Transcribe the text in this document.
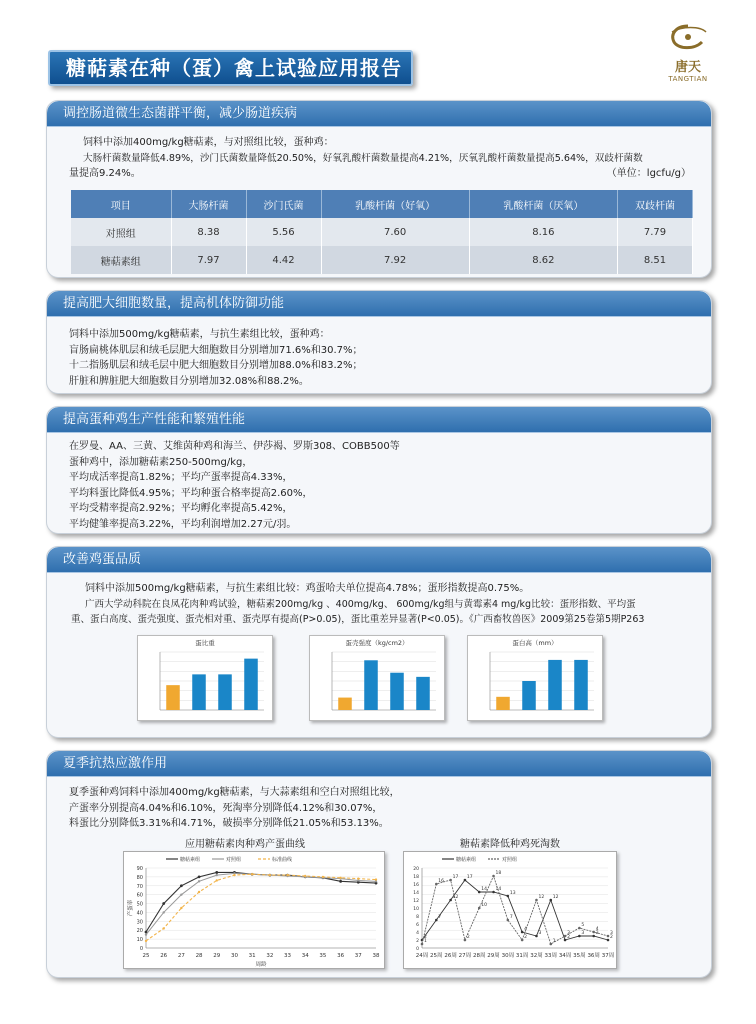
糖萜素在种（蛋）禽上试验应用报告	唐天
TANGTIAN
调控肠道微生态菌群平衡，减少肠道疾病

饲料中添加400mg/kg糖萜素，与对照组比较，蛋种鸡：

大肠杆菌数量降低4.89%，沙门氏菌数量降低20.50%，好氧乳酸杆菌数量提高4.21%，厌氧乳酸杆菌数量提高5.64%，双歧杆菌数

量提高9.24%。	（单位：lgcfu/g）

项目	大肠杆菌	沙门氏菌	乳酸杆菌（好氧）	乳酸杆菌（厌氧）	双歧杆菌
对照组	8.38	5.56	7.60	8.16	7.79
糖萜素组	7.97	4.42	7.92	8.62	8.51
提高肥大细胞数量，提高机体防御功能

饲料中添加500mg/kg糖萜素，与抗生素组比较，蛋种鸡：

盲肠扁桃体肌层和绒毛层肥大细胞数目分别增加71.6%和30.7%；

十二指肠肌层和绒毛层中肥大细胞数目分别增加88.0%和83.2%；

肝脏和脾脏肥大细胞数目分别增加32.08%和88.2%。

提高蛋种鸡生产性能和繁殖性能

在罗曼、AA、三黄、艾维茵种鸡和海兰、伊莎褐、罗斯308、COBB500等

蛋种鸡中，添加糖萜素250-500mg/kg，

平均成活率提高1.82%；平均产蛋率提高4.33%，

平均料蛋比降低4.95%；平均种蛋合格率提高2.60%，

平均受精率提高2.92%；平均孵化率提高5.42%，

平均健雏率提高3.22%，平均利润增加2.27元/羽。

改善鸡蛋品质

饲料中添加500mg/kg糖萜素，与抗生素组比较：鸡蛋哈夫单位提高4.78%；蛋形指数提高0.75%。

广西大学动科院在良凤花肉种鸡试验，糖萜素200mg/kg 、400mg/kg、 600mg/kg组与黄霉素4 mg/kg比较：蛋形指数、平均蛋

重、蛋白高度、蛋壳强度、蛋壳相对重、蛋壳厚有提高(P>0.05)，蛋比重差异显著(P<0.05)。《广西畜牧兽医》2009第25卷第5期P263

蛋比重	蛋壳强度（kg/cm2）	蛋白高（mm）
夏季抗热应激作用

夏季蛋种鸡饲料中添加400mg/kg糖萜素，与大蒜素组和空白对照组比较，

产蛋率分别提高4.04%和6.10%，死淘率分别降低4.12%和30.07%，

料蛋比分别降低3.31%和4.71%，破损率分别降低21.05%和53.13%。

应用糖萜素肉种鸡产蛋曲线
25 26 27 28 29 30 31 32 33 34 35 36 37 38
糖萜素组	对照组	标准曲线
周龄
产蛋率
0
10
20
30
40
50
60
70
80
90
糖萜素降低种鸡死淘数
24周 25周 26周 27周 28周 29周 30周 31周 32周 33周 34周 35周 36周 37周
2
7
12
17
14 14
13
4
3
12
2
3	3
2
1
16
17
2
10
18
7
2
12
1
3
5
4
3
糖萜素组	对照组
0
2
4
6
8
10
12
14
16
18
20
